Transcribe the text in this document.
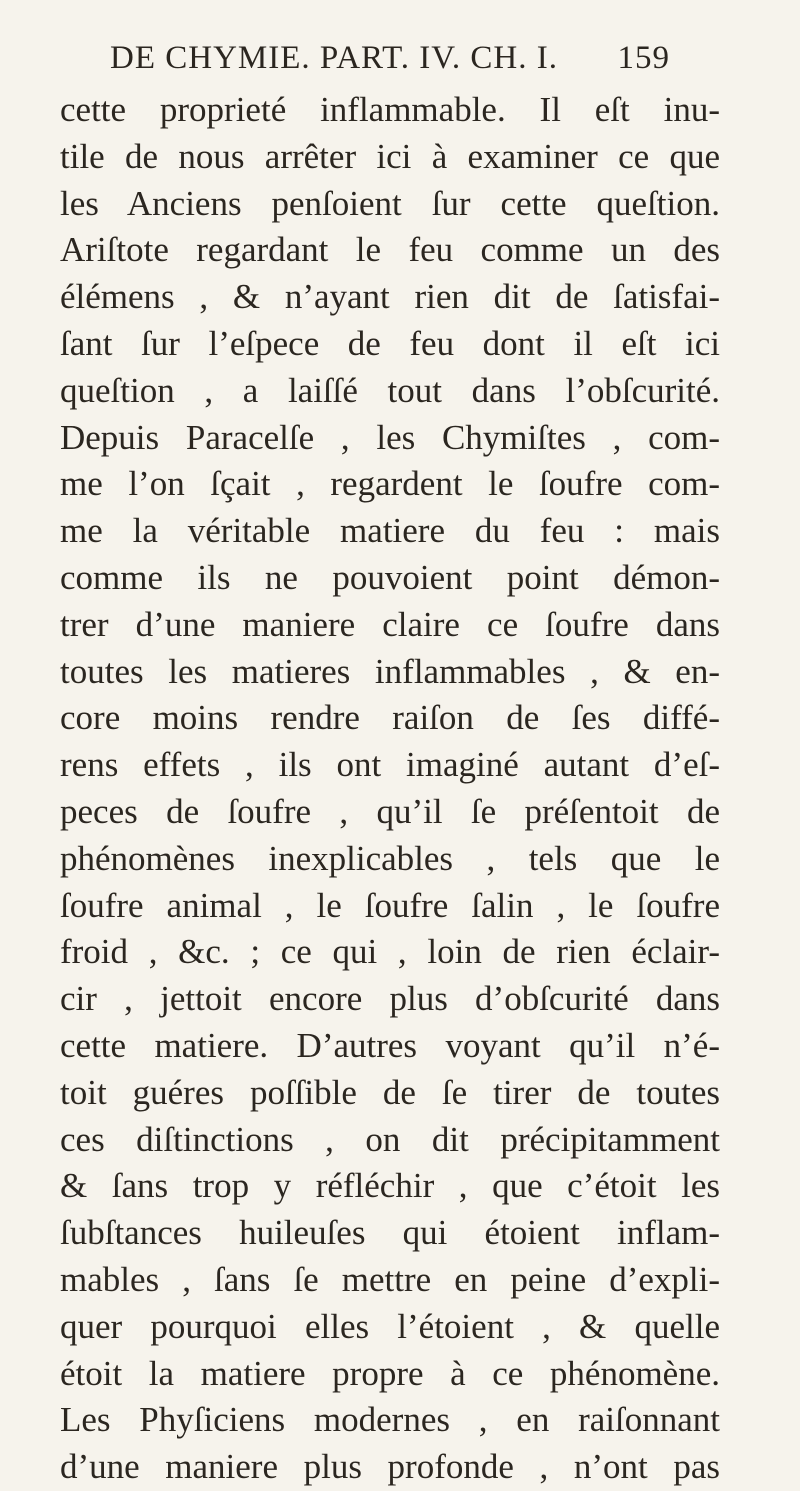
DE CHYMIE. PART. IV. CH. I. 159
cette proprieté inflammable. Il eſt inu-
tile de nous arrêter ici à examiner ce que
les Anciens penſoient ſur cette queſtion.
Ariſtote regardant le feu comme un des
élémens , & n’ayant rien dit de ſatisfai-
ſant ſur l’eſpece de feu dont il eſt ici
queſtion , a laiſſé tout dans l’obſcurité.
Depuis Paracelſe , les Chymiſtes , com-
me l’on ſçait , regardent le ſoufre com-
me la véritable matiere du feu : mais
comme ils ne pouvoient point démon-
trer d’une maniere claire ce ſoufre dans
toutes les matieres inflammables , & en-
core moins rendre raiſon de ſes diffé-
rens effets , ils ont imaginé autant d’eſ-
peces de ſoufre , qu’il ſe préſentoit de
phénomènes inexplicables , tels que le
ſoufre animal , le ſoufre ſalin , le ſoufre
froid , &c. ; ce qui , loin de rien éclair-
cir , jettoit encore plus d’obſcurité dans
cette matiere. D’autres voyant qu’il n’é-
toit guéres poſſible de ſe tirer de toutes
ces diſtinctions , on dit précipitamment
& ſans trop y réfléchir , que c’étoit les
ſubſtances huileuſes qui étoient inflam-
mables , ſans ſe mettre en peine d’expli-
quer pourquoi elles l’étoient , & quelle
étoit la matiere propre à ce phénomène.
Les Phyſiciens modernes , en raiſonnant
d’une maniere plus profonde , n’ont pas
